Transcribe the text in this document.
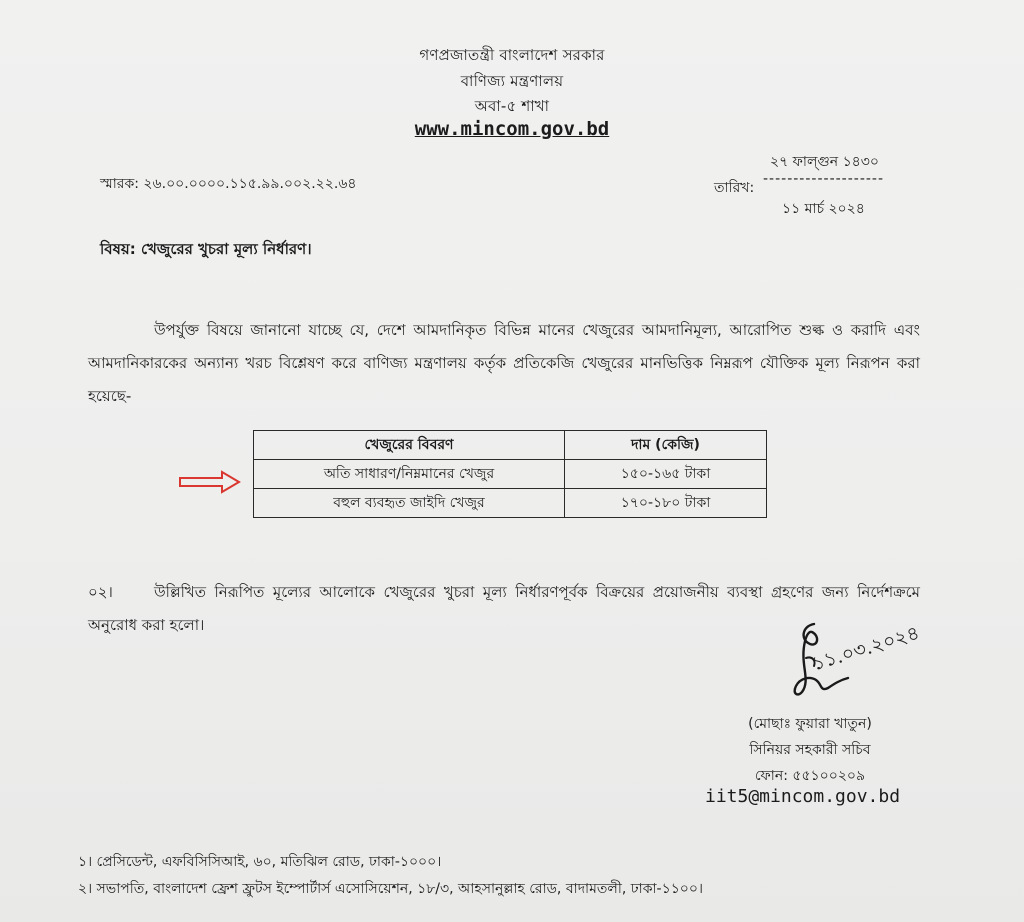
গণপ্রজাতন্ত্রী বাংলাদেশ সরকার
বাণিজ্য মন্ত্রণালয়
অবা-৫ শাখা
www.mincom.gov.bd
স্মারক: ২৬.০০.০০০০.১১৫.৯৯.০০২.২২.৬৪
২৭ ফাল্গুন ১৪৩০
তারিখ:
--------------------
১১ মার্চ ২০২৪
বিষয়: খেজুরের খুচরা মূল্য নির্ধারণ।
উপর্যুক্ত বিষয়ে জানানো যাচ্ছে যে, দেশে আমদানিকৃত বিভিন্ন মানের খেজুরের আমদানিমূল্য, আরোপিত শুল্ক ও করাদি এবং আমদানিকারকের অন্যান্য খরচ বিশ্লেষণ করে বাণিজ্য মন্ত্রণালয় কর্তৃক প্রতিকেজি খেজুরের মানভিত্তিক নিম্নরূপ যৌক্তিক মূল্য নিরূপন করা হয়েছে-
খেজুরের বিবরণ	দাম (কেজি)
অতি সাধারণ/নিম্নমানের খেজুর	১৫০-১৬৫ টাকা
বহুল ব্যবহৃত জাইদি খেজুর	১৭০-১৮০ টাকা
০২।	উল্লিখিত নিরূপিত মূল্যের আলোকে খেজুরের খুচরা মূল্য নির্ধারণপূর্বক বিক্রয়ের প্রয়োজনীয় ব্যবস্থা গ্রহণের জন্য নির্দেশক্রমে অনুরোধ করা হলো।	১১.০৩.২০২৪
(মোছাঃ ফুয়ারা খাতুন)
সিনিয়র সহকারী সচিব
ফোন: ৫৫১০০২০৯
iit5@mincom.gov.bd
১। প্রেসিডেন্ট, এফবিসিসিআই, ৬০, মতিঝিল রোড, ঢাকা-১০০০।
২। সভাপতি, বাংলাদেশ ফ্রেশ ফ্রুটস ইম্পোর্টার্স এসোসিয়েশন, ১৮/৩, আহসানুল্লাহ রোড, বাদামতলী, ঢাকা-১১০০।
